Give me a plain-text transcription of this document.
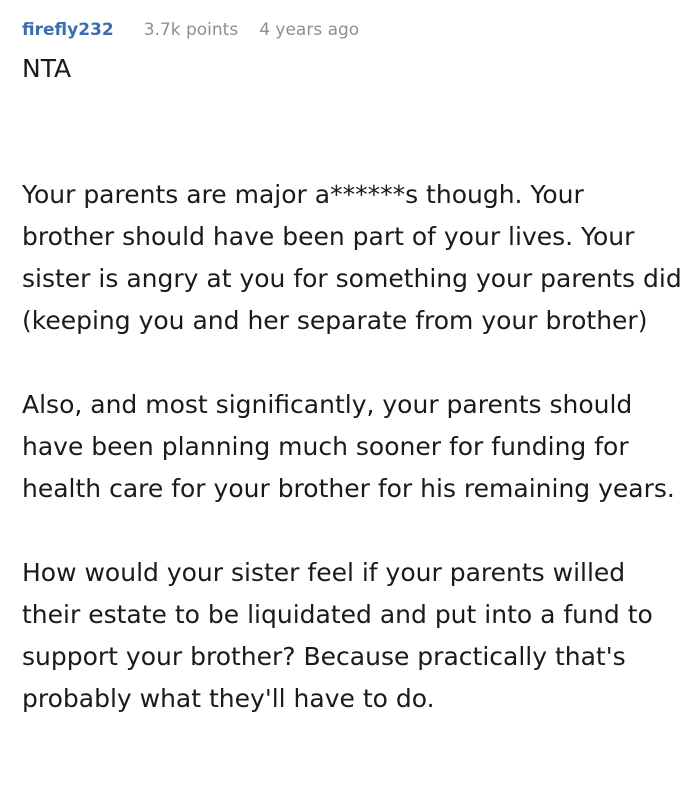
firefly232 3.7k points 4 years ago

NTA

Your parents are major a******s though. Your brother should have been part of your lives. Your sister is angry at you for something your parents did (keeping you and her separate from your brother)

Also, and most significantly, your parents should have been planning much sooner for funding for health care for your brother for his remaining years.

How would your sister feel if your parents willed their estate to be liquidated and put into a fund to support your brother? Because practically that's probably what they'll have to do.
